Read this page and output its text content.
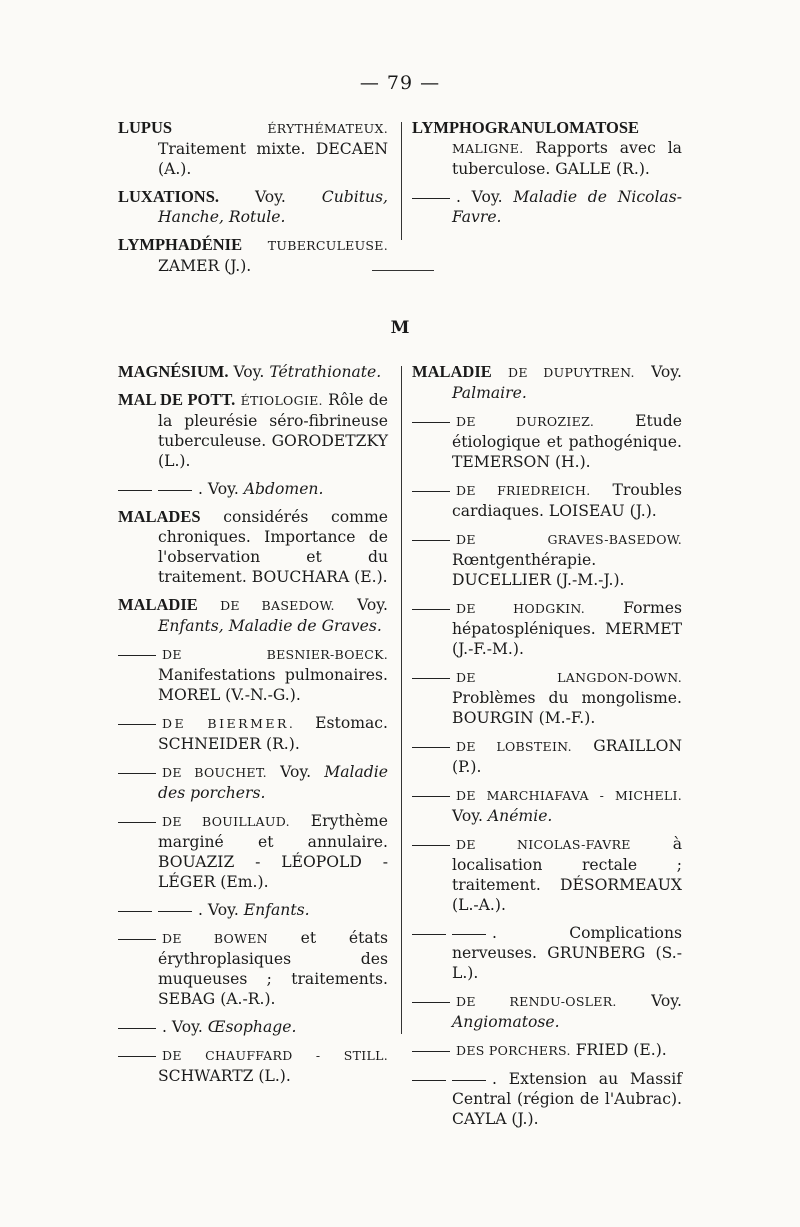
— 79 —
LUPUS	ÉRYTHÉMATEUX. Traitement mixte. DECAEN (A.).
LUXATIONS. Voy. Cubitus, Hanche, Rotule.
LYMPHADÉNIE TUBERCULEUSE. ZAMER (J.).
LYMPHOGRANULOMATOSE MALIGNE. Rapports avec la tuberculose. GALLE (R.).
. Voy. Maladie de Nicolas-Favre.
M
MAGNÉSIUM. Voy. Tétrathionate.
MAL DE POTT. ÉTIOLOGIE. Rôle de la pleurésie séro-fibrineuse tuberculeuse. GORODETZKY (L.).
. Voy. Abdomen.
MALADES considérés comme chroniques. Importance de l'observation et du traitement. BOUCHARA (E.).
MALADIE DE BASEDOW. Voy. Enfants, Maladie de Graves.
DE BESNIER-BOECK. Manifestations pulmonaires. MOREL (V.-N.-G.).
DE BIERMER. Estomac. SCHNEIDER (R.).
DE BOUCHET. Voy. Maladie des porchers.
DE BOUILLAUD. Erythème marginé et annulaire. BOUAZIZ - LÉOPOLD - LÉGER (Em.).
. Voy. Enfants.
DE BOWEN et états érythroplasiques des muqueuses ; traitements. SEBAG (A.-R.).
. Voy. Œsophage.
DE CHAUFFARD - STILL. SCHWARTZ (L.).
MALADIE DE DUPUYTREN. Voy. Palmaire.
DE DUROZIEZ.	Etude étiologique et pathogénique. TEMERSON (H.).
DE FRIEDREICH. Troubles cardiaques. LOISEAU (J.).
DE GRAVES-BASEDOW. Rœntgenthérapie. DUCELLIER (J.-M.-J.).
DE HODGKIN. Formes hépatospléniques. MERMET (J.-F.-M.).
DE LANGDON-DOWN. Problèmes du mongolisme. BOURGIN (M.-F.).
DE LOBSTEIN. GRAILLON (P.).
DE MARCHIAFAVA - MICHELI. Voy. Anémie.
DE NICOLAS-FAVRE	à localisation rectale ; traitement. DÉSORMEAUX (L.-A.).
. Complications nerveuses. GRUNBERG (S.-L.).
DE RENDU-OSLER. Voy. Angiomatose.
DES PORCHERS. FRIED (E.).
. Extension au Massif Central (région de l'Aubrac). CAYLA (J.).
